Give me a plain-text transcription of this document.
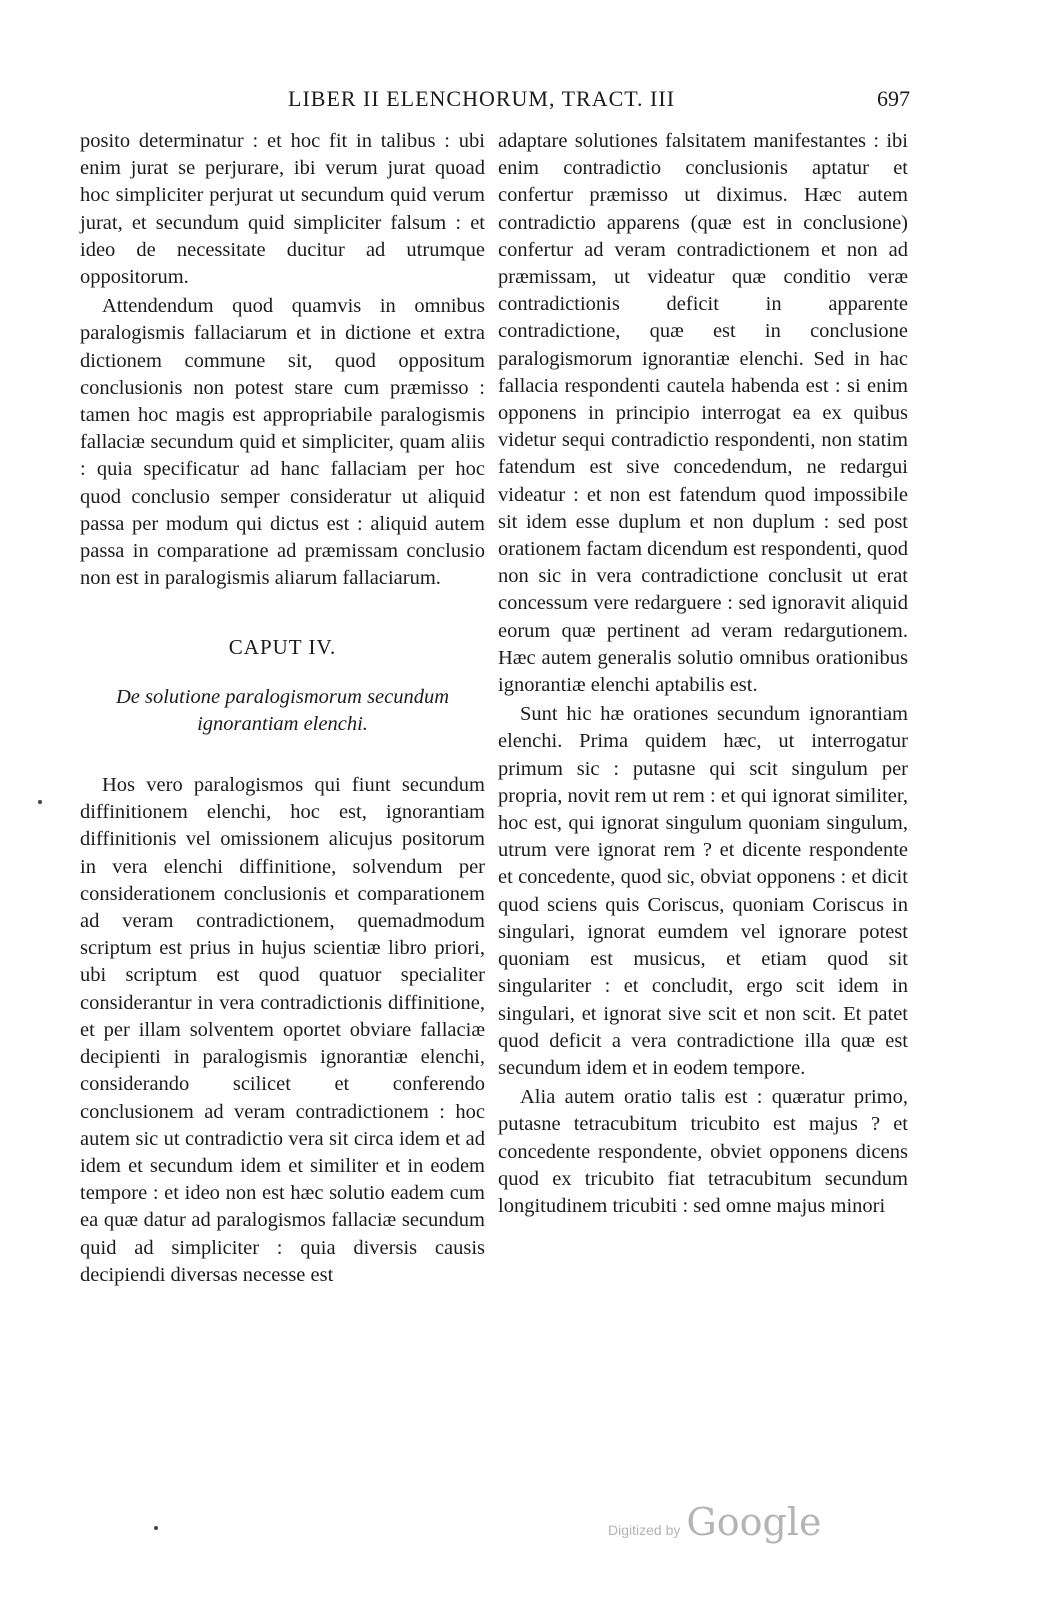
LIBER II ELENCHORUM, TRACT. III	697

posito determinatur : et hoc fit in talibus : ubi enim jurat se perjurare, ibi verum jurat quoad hoc simpliciter perjurat ut secundum quid verum jurat, et secundum quid simpliciter falsum : et ideo de necessitate ducitur ad utrumque oppositorum.

Attendendum quod quamvis in omnibus paralogismis fallaciarum et in dictione et extra dictionem commune sit, quod oppositum conclusionis non potest stare cum præmisso : tamen hoc magis est appropriabile paralogismis fallaciæ secundum quid et simpliciter, quam aliis : quia specificatur ad hanc fallaciam per hoc quod conclusio semper consideratur ut aliquid passa per modum qui dictus est : aliquid autem passa in comparatione ad præmissam conclusio non est in paralogismis aliarum fallaciarum.

CAPUT IV.
De solutione paralogismorum secundum
ignorantiam elenchi.

Hos vero paralogismos qui fiunt secundum diffinitionem elenchi, hoc est, ignorantiam diffinitionis vel omissionem alicujus positorum in vera elenchi diffinitione, solvendum per considerationem conclusionis et comparationem ad veram contradictionem, quemadmodum scriptum est prius in hujus scientiæ libro priori, ubi scriptum est quod quatuor specialiter considerantur in vera contradictionis diffinitione, et per illam solventem oportet obviare fallaciæ decipienti in paralogismis ignorantiæ elenchi, considerando scilicet et conferendo conclusionem ad veram contradictionem : hoc autem sic ut contradictio vera sit circa idem et ad idem et secundum idem et similiter et in eodem tempore : et ideo non est hæc solutio eadem cum ea quæ datur ad paralogismos fallaciæ secundum quid ad simpliciter : quia diversis causis decipiendi diversas necesse est

adaptare solutiones falsitatem manifestantes : ibi enim contradictio conclusionis aptatur et confertur præmisso ut diximus. Hæc autem contradictio apparens (quæ est in conclusione) confertur ad veram contradictionem et non ad præmissam, ut videatur quæ conditio veræ contradictionis deficit in apparente contradictione, quæ est in conclusione paralogismorum ignorantiæ elenchi. Sed in hac fallacia respondenti cautela habenda est : si enim opponens in principio interrogat ea ex quibus videtur sequi contradictio respondenti, non statim fatendum est sive concedendum, ne redargui videatur : et non est fatendum quod impossibile sit idem esse duplum et non duplum : sed post orationem factam dicendum est respondenti, quod non sic in vera contradictione conclusit ut erat concessum vere redarguere : sed ignoravit aliquid eorum quæ pertinent ad veram redargutionem. Hæc autem generalis solutio omnibus orationibus ignorantiæ elenchi aptabilis est.

Sunt hic hæ orationes secundum ignorantiam elenchi. Prima quidem hæc, ut interrogatur primum sic : putasne qui scit singulum per propria, novit rem ut rem : et qui ignorat similiter, hoc est, qui ignorat singulum quoniam singulum, utrum vere ignorat rem ? et dicente respondente et concedente, quod sic, obviat opponens : et dicit quod sciens quis Coriscus, quoniam Coriscus in singulari, ignorat eumdem vel ignorare potest quoniam est musicus, et etiam quod sit singulariter : et concludit, ergo scit idem in singulari, et ignorat sive scit et non scit. Et patet quod deficit a vera contradictione illa quæ est secundum idem et in eodem tempore.

Alia autem oratio talis est : quæratur primo, putasne tetracubitum tricubito est majus ? et concedente respondente, obviet opponens dicens quod ex tricubito fiat tetracubitum secundum longitudinem tricubiti : sed omne majus minori

Digitized by Google
